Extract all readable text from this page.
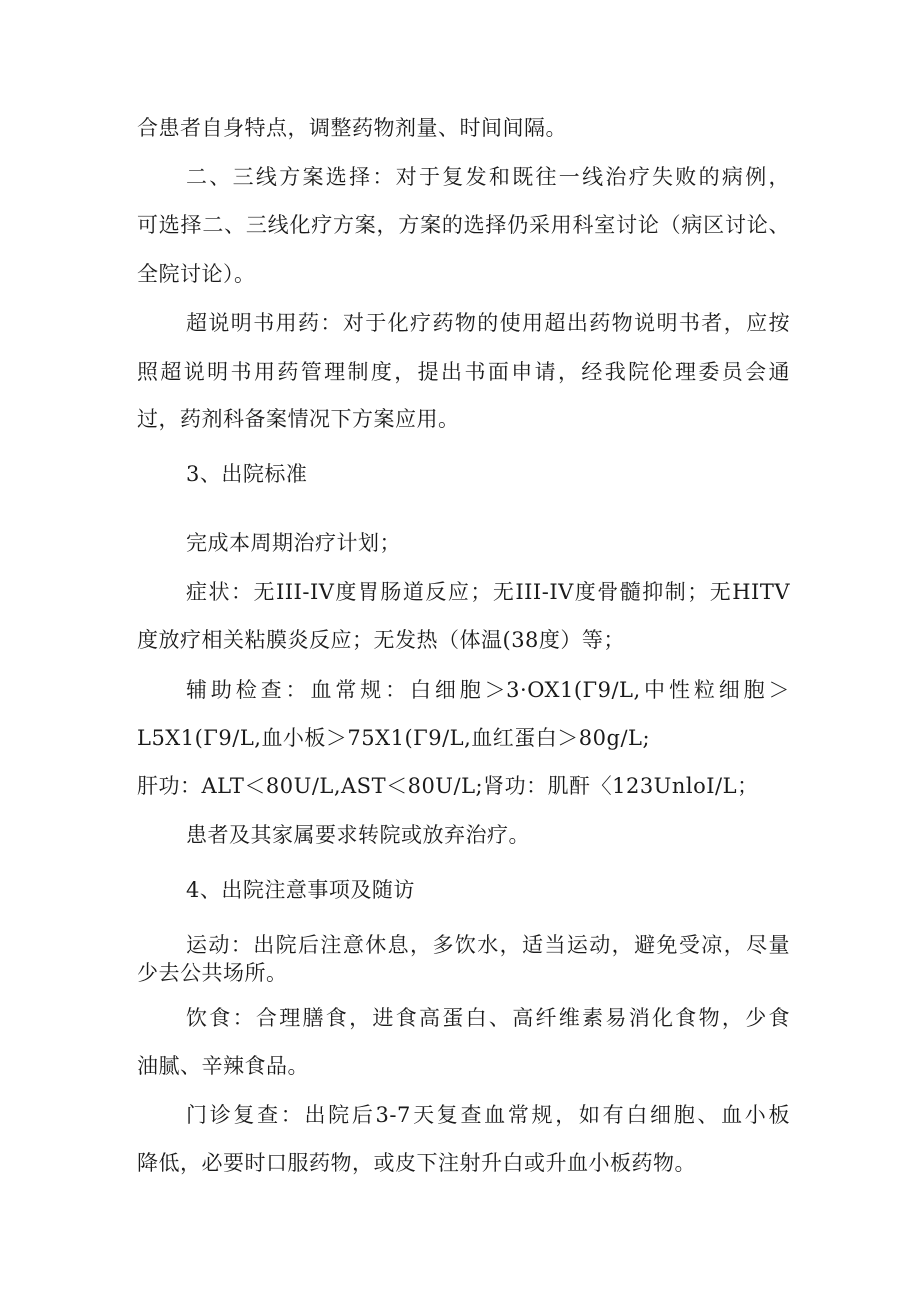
合患者自身特点，调整药物剂量、时间间隔。
二、三线方案选择：对于复发和既往一线治疗失败的病例，
可选择二、三线化疗方案，方案的选择仍采用科室讨论（病区讨论、
全院讨论）。
超说明书用药：对于化疗药物的使用超出药物说明书者，应按
照超说明书用药管理制度，提出书面申请，经我院伦理委员会通
过，药剂科备案情况下方案应用。
3、出院标准
完成本周期治疗计划；
症状：无III-IV度胃肠道反应；无III-IV度骨髓抑制；无HITV
度放疗相关粘膜炎反应；无发热（体温(38度）等；
辅助检查：血常规：白细胞＞3·OX1(Γ9∕L,中性粒细胞＞
L5X1(Γ9∕L,血小板＞75X1(Γ9∕L,血红蛋白＞80g∕L;
肝功：ALT＜80U∕L,AST＜80U∕L;肾功：肌酐〈123UnloI/L；
患者及其家属要求转院或放弃治疗。
4、出院注意事项及随访
运动：出院后注意休息，多饮水，适当运动，避免受凉，尽量
少去公共场所。
饮食：合理膳食，进食高蛋白、高纤维素易消化食物，少食
油腻、辛辣食品。
门诊复查：出院后3-7天复查血常规，如有白细胞、血小板
降低，必要时口服药物，或皮下注射升白或升血小板药物。
